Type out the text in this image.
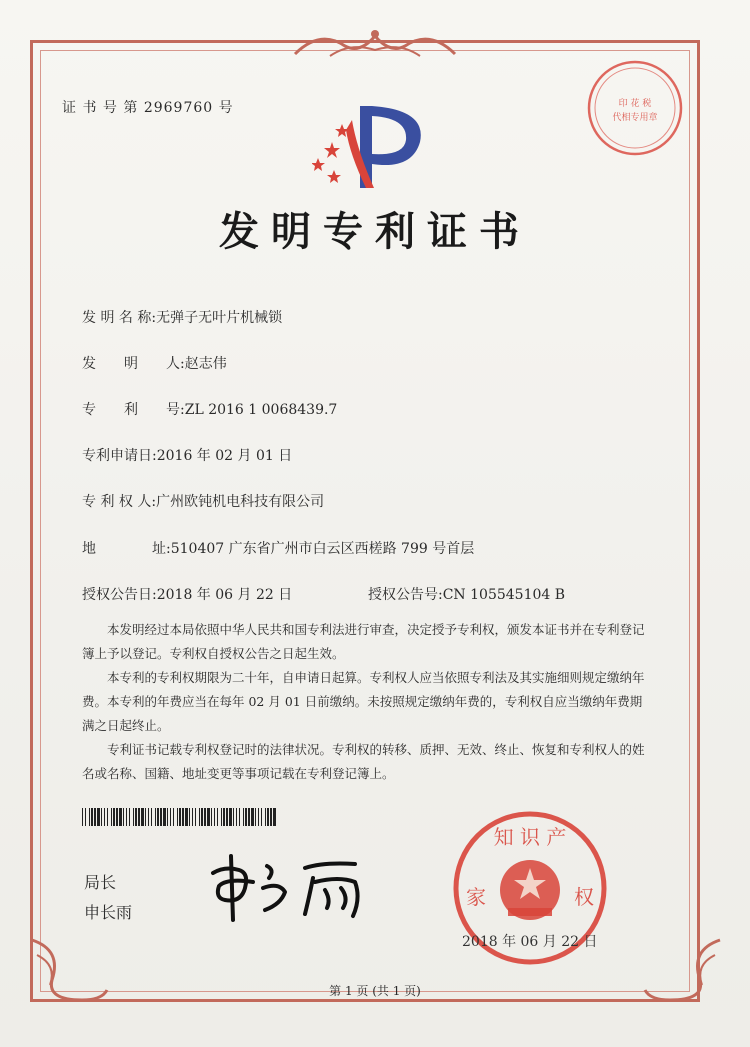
证 书 号 第 2969760 号
发明专利证书
发 明 名 称:无弹子无叶片机械锁
发　　明　　人:赵志伟
专　　利　　号:ZL 2016 1 0068439.7
专利申请日:2016 年 02 月 01 日
专 利 权 人:广州欧钝机电科技有限公司
地　　　　址:510407 广东省广州市白云区西槎路 799 号首层
授权公告日:2018 年 06 月 22 日	授权公告号:CN 105545104 B

本发明经过本局依照中华人民共和国专利法进行审查，决定授予专利权，颁发本证书并在专利登记簿上予以登记。专利权自授权公告之日起生效。

本专利的专利权期限为二十年，自申请日起算。专利权人应当依照专利法及其实施细则规定缴纳年费。本专利的年费应当在每年 02 月 01 日前缴纳。未按照规定缴纳年费的，专利权自应当缴纳年费期满之日起终止。

专利证书记载专利权登记时的法律状况。专利权的转移、质押、无效、终止、恢复和专利权人的姓名或名称、国籍、地址变更等事项记载在专利登记簿上。

局长
申长雨
知 识 产
家	权
2018 年 06 月 22 日
印 花 税
代相专用章
第 1 页 (共 1 页)
